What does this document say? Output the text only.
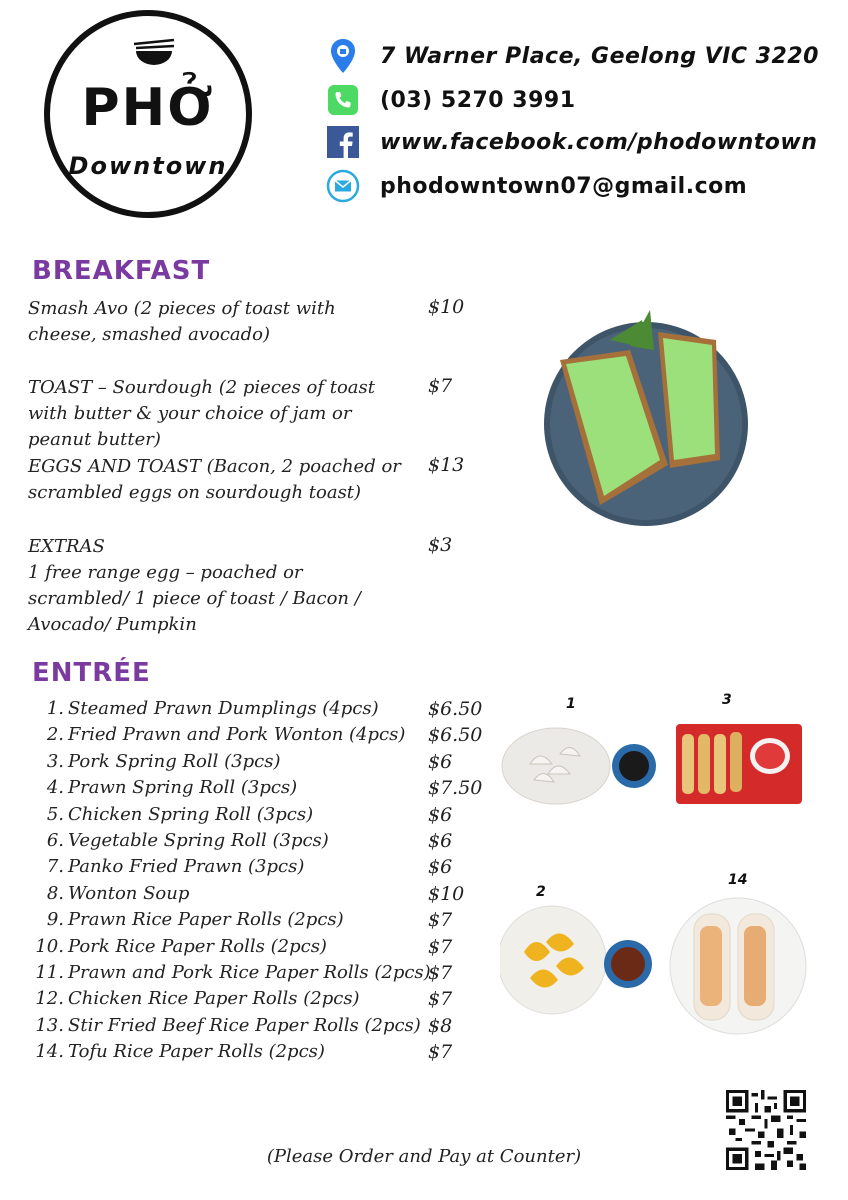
PHỞ
Downtown
7 Warner Place, Geelong VIC 3220
(03) 5270 3991
www.facebook.com/phodowntown
phodowntown07@gmail.com
BREAKFAST
Smash Avo (2 pieces of toast with cheese, smashed avocado)
$10
TOAST – Sourdough (2 pieces of toast with butter & your choice of jam or peanut butter)
$7
EGGS AND TOAST (Bacon, 2 poached or scrambled eggs on sourdough toast)
$13
EXTRAS	$3
1 free range egg – poached or scrambled/ 1 piece of toast / Bacon / Avocado/ Pumpkin
ENTRÉE
1. Steamed Prawn Dumplings (4pcs)	$6.50
2. Fried Prawn and Pork Wonton (4pcs) $6.50
3. Pork Spring Roll (3pcs)	$6
4. Prawn Spring Roll (3pcs)	$7.50
5. Chicken Spring Roll (3pcs)	$6
6. Vegetable Spring Roll (3pcs)	$6
7. Panko Fried Prawn (3pcs)	$6
8. Wonton Soup	$10
9. Prawn Rice Paper Rolls (2pcs)	$7
10. Pork Rice Paper Rolls (2pcs)	$7
11. Prawn and Pork Rice Paper Rolls (2pcs)
$7
12. Chicken Rice Paper Rolls (2pcs)	$7
13. Stir Fried Beef Rice Paper Rolls (2pcs) $8
14. Tofu Rice Paper Rolls (2pcs)	$7
1	3
2
14
(Please Order and Pay at Counter)
